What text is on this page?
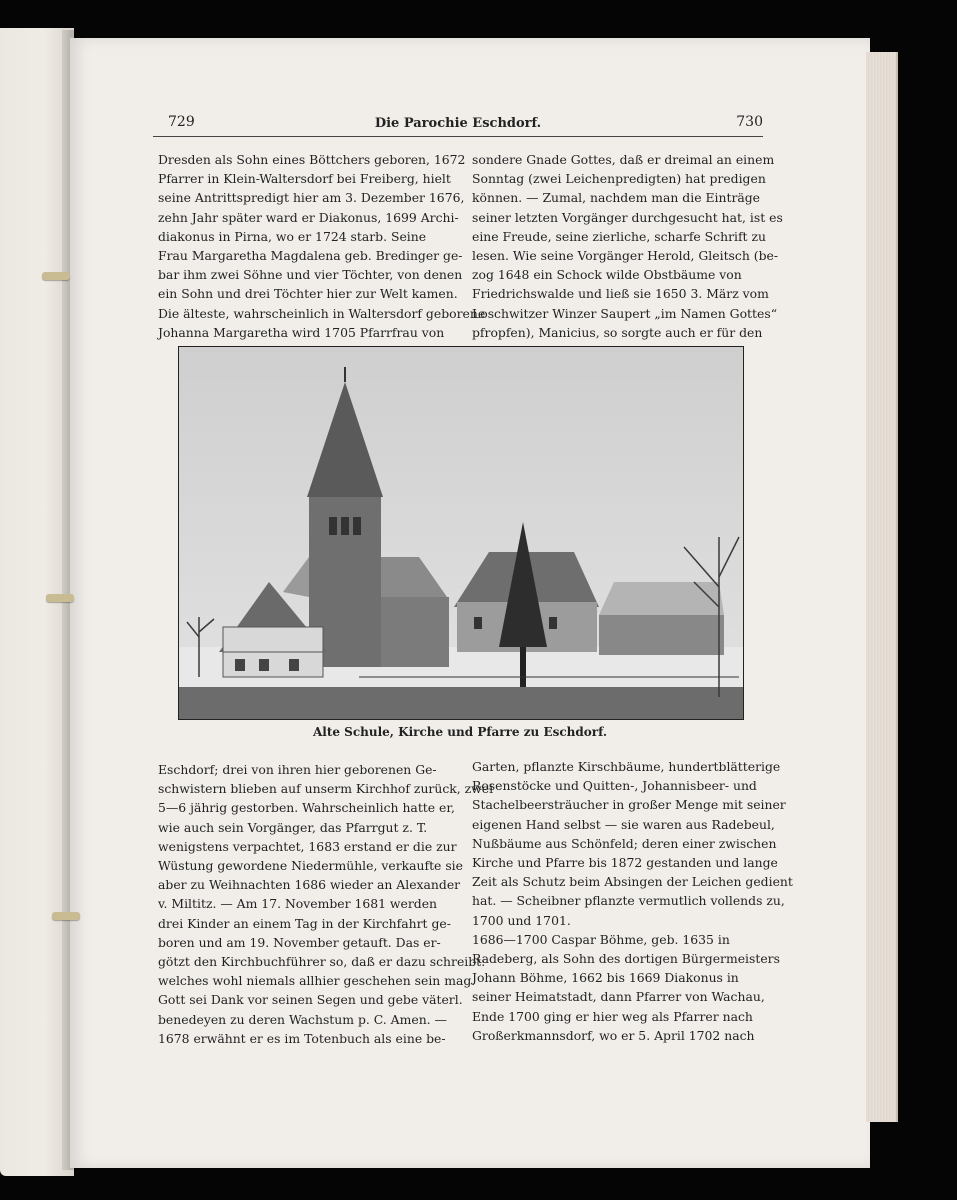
729	Die Parochie Eschdorf.	730
Dresden als Sohn eines Böttchers geboren, 1672
Pfarrer in Klein-Waltersdorf bei Freiberg, hielt
seine Antrittspredigt hier am 3. Dezember 1676,
zehn Jahr später ward er Diakonus, 1699 Archi-
diakonus in Pirna, wo er 1724 starb. Seine
Frau Margaretha Magdalena geb. Bredinger ge-
bar ihm zwei Söhne und vier Töchter, von denen
ein Sohn und drei Töchter hier zur Welt kamen.
Die älteste, wahrscheinlich in Waltersdorf geborene
Johanna Margaretha wird 1705 Pfarrfrau von
sondere Gnade Gottes, daß er dreimal an einem
Sonntag (zwei Leichenpredigten) hat predigen
können. — Zumal, nachdem man die Einträge
seiner letzten Vorgänger durchgesucht hat, ist es
eine Freude, seine zierliche, scharfe Schrift zu
lesen. Wie seine Vorgänger Herold, Gleitsch (be-
zog 1648 ein Schock wilde Obstbäume von
Friedrichswalde und ließ sie 1650 3. März vom
Loschwitzer Winzer Saupert „im Namen Gottes“
pfropfen), Manicius, so sorgte auch er für den
Alte Schule, Kirche und Pfarre zu Eschdorf.
Eschdorf; drei von ihren hier geborenen Ge-
schwistern blieben auf unserm Kirchhof zurück, zwei
5—6 jährig gestorben. Wahrscheinlich hatte er,
wie auch sein Vorgänger, das Pfarrgut z. T.
wenigstens verpachtet, 1683 erstand er die zur
Wüstung gewordene Niedermühle, verkaufte sie
aber zu Weihnachten 1686 wieder an Alexander
v. Miltitz. — Am 17. November 1681 werden
drei Kinder an einem Tag in der Kirchfahrt ge-
boren und am 19. November getauft. Das er-
götzt den Kirchbuchführer so, daß er dazu schreibt:
welches wohl niemals allhier geschehen sein mag.
Gott sei Dank vor seinen Segen und gebe väterl.
benedeyen zu deren Wachstum p. C. Amen. —
1678 erwähnt er es im Totenbuch als eine be-
Garten, pflanzte Kirschbäume, hundertblätterige
Rosenstöcke und Quitten-, Johannisbeer- und
Stachelbeersträucher in großer Menge mit seiner
eigenen Hand selbst — sie waren aus Radebeul,
Nußbäume aus Schönfeld; deren einer zwischen
Kirche und Pfarre bis 1872 gestanden und lange
Zeit als Schutz beim Absingen der Leichen gedient
hat. — Scheibner pflanzte vermutlich vollends zu,
1700 und 1701.
1686—1700 Caspar Böhme, geb. 1635 in
Radeberg, als Sohn des dortigen Bürgermeisters
Johann Böhme, 1662 bis 1669 Diakonus in
seiner Heimatstadt, dann Pfarrer von Wachau,
Ende 1700 ging er hier weg als Pfarrer nach
Großerkmannsdorf, wo er 5. April 1702 nach
